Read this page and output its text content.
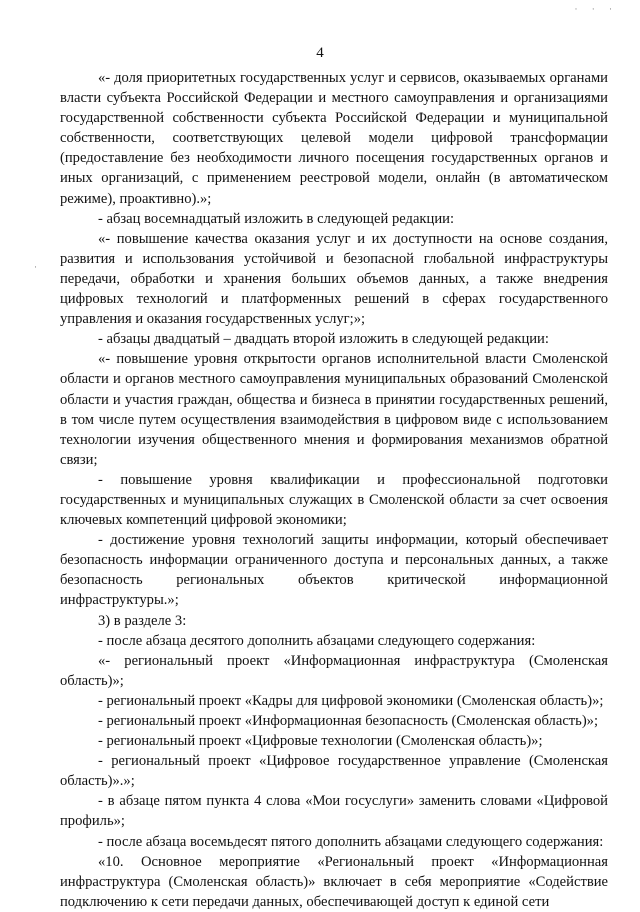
· · ·
·
4

«- доля приоритетных государственных услуг и сервисов, оказываемых органами власти субъекта Российской Федерации и местного самоуправления и организациями государственной собственности субъекта Российской Федерации и муниципальной собственности, соответствующих целевой модели цифровой трансформации (предоставление без необходимости личного посещения государственных органов и иных организаций, с применением реестровой модели, онлайн (в автоматическом режиме), проактивно).»;

- абзац восемнадцатый изложить в следующей редакции:

«- повышение качества оказания услуг и их доступности на основе создания, развития и использования устойчивой и безопасной глобальной инфраструктуры передачи, обработки и хранения больших объемов данных, а также внедрения цифровых технологий и платформенных решений в сферах государственного управления и оказания государственных услуг;»;

- абзацы двадцатый – двадцать второй изложить в следующей редакции:

«- повышение уровня открытости органов исполнительной власти Смоленской области и органов местного самоуправления муниципальных образований Смоленской области и участия граждан, общества и бизнеса в принятии государственных решений, в том числе путем осуществления взаимодействия в цифровом виде с использованием технологии изучения общественного мнения и формирования механизмов обратной связи;

- повышение уровня квалификации и профессиональной подготовки государственных и муниципальных служащих в Смоленской области за счет освоения ключевых компетенций цифровой экономики;

- достижение уровня технологий защиты информации, который обеспечивает безопасность информации ограниченного доступа и персональных данных, а также безопасность региональных объектов критической информационной инфраструктуры.»;

3) в разделе 3:

- после абзаца десятого дополнить абзацами следующего содержания:

«- региональный проект «Информационная инфраструктура (Смоленская область)»;

- региональный проект «Кадры для цифровой экономики (Смоленская область)»;

- региональный проект «Информационная безопасность (Смоленская область)»;

- региональный проект «Цифровые технологии (Смоленская область)»;

- региональный проект «Цифровое государственное управление (Смоленская область)».»;

- в абзаце пятом пункта 4 слова «Мои госуслуги» заменить словами «Цифровой профиль»;

- после абзаца восемьдесят пятого дополнить абзацами следующего содержания:

«10. Основное мероприятие «Региональный проект «Информационная инфраструктура (Смоленская область)» включает в себя мероприятие «Содействие подключению к сети передачи данных, обеспечивающей доступ к единой сети
